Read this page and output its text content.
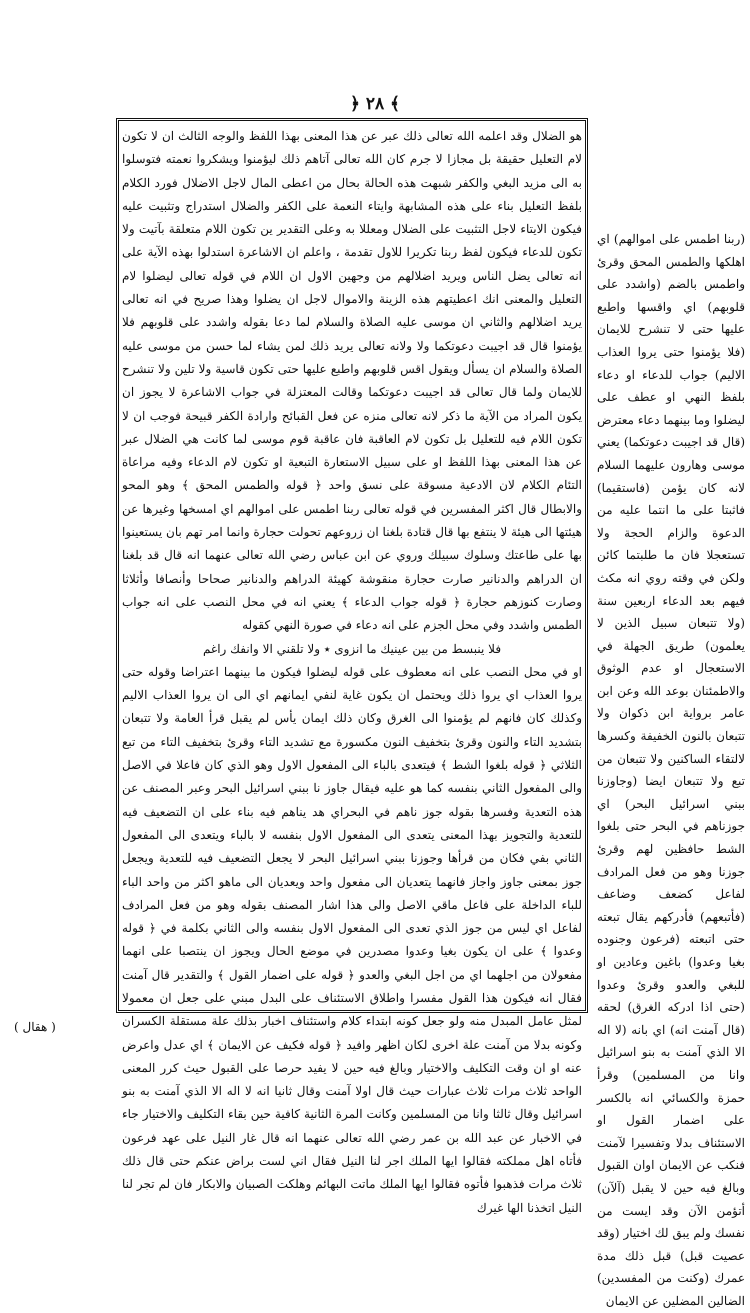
﴿ ٢٨ ﴾

هو الضلال وقد اعلمه الله تعالى ذلك عبر عن هذا المعنى بهذا اللفظ والوجه الثالث ان لا تكون لام التعليل حقيقة بل مجازا لا جرم كان الله تعالى آتاهم ذلك ليؤمنوا ويشكروا نعمته فتوسلوا به الى مزيد البغي والكفر شبهت هذه الحالة بحال من اعطى المال لاجل الاضلال فورد الكلام بلفظ التعليل بناء على هذه المشابهة وايتاء النعمة على الكفر والضلال استدراج وتثبيت عليه فيكون الايتاء لاجل التثبيت على الضلال ومعللا به وعلى التقدير ين تكون اللام متعلقة بآتيت ولا تكون للدعاء فيكون لفظ ربنا تكريرا للاول تقدمة ، واعلم ان الاشاعرة استدلوا بهذه الآية على انه تعالى يضل الناس ويريد اضلالهم من وجهين الاول ان اللام في قوله تعالى ليضلوا لام التعليل والمعنى انك اعطيتهم هذه الزينة والاموال لاجل ان يضلوا وهذا صريح في انه تعالى يريد اضلالهم والثاني ان موسى عليه الصلاة والسلام لما دعا بقوله واشدد على قلوبهم فلا يؤمنوا قال قد اجيبت دعوتكما ولا ولانه تعالى يريد ذلك لمن يشاء لما حسن من موسى عليه الصلاة والسلام ان يسأل ويقول اقس قلوبهم واطبع عليها حتى تكون قاسية ولا تلين ولا تنشرح للايمان ولما قال تعالى قد اجيبت دعوتكما وقالت المعتزلة في جواب الاشاعرة لا يجوز ان يكون المراد من الآية ما ذكر لانه تعالى منزه عن فعل القبائح وارادة الكفر قبيحة فوجب ان لا تكون اللام فيه للتعليل بل تكون لام العاقبة فان عاقبة قوم موسى لما كانت هي الضلال عبر عن هذا المعنى بهذا اللفظ او على سبيل الاستعارة التبعية او تكون لام الدعاء وفيه مراعاة التئام الكلام لان الادعية مسوقة على نسق واحد ﴿ قوله والطمس المحق ﴾ وهو المحو والابطال قال اكثر المفسرين في قوله تعالى ربنا اطمس على اموالهم اي امسخها وغيرها عن هيئتها الى هيئة لا ينتفع بها قال قتادة بلغنا ان زروعهم تحولت حجارة وانما امر تهم بان يستعينوا بها على طاعتك وسلوك سبيلك وروي عن ابن عباس رضي الله تعالى عنهما انه قال قد بلغنا ان الدراهم والدنانير صارت حجارة منقوشة كهيئة الدراهم والدنانير صحاحا وأنصافا وأثلاثا وصارت كنوزهم حجارة ﴿ قوله جواب الدعاء ﴾ يعني انه في محل النصب على انه جواب الطمس واشدد وفي محل الجزم على انه دعاء في صورة النهي كقوله

فلا ينبسط من بين عينيك ما انزوى ٭ ولا تلقني الا وانفك راغم

او في محل النصب على انه معطوف على قوله ليضلوا فيكون ما بينهما اعتراضا وقوله حتى يروا العذاب اي يروا ذلك ويحتمل ان يكون غاية لنفي ايمانهم اي الى ان يروا العذاب الاليم وكذلك كان فانهم لم يؤمنوا الى الغرق وكان ذلك ايمان يأس لم يقبل قرأ العامة ولا تتبعان بتشديد التاء والنون وقرئ بتخفيف النون مكسورة مع تشديد التاء وقرئ بتخفيف التاء من تبع الثلاثي ﴿ قوله بلغوا الشط ﴾ فيتعدى بالباء الى المفعول الاول وهو الذي كان فاعلا في الاصل والى المفعول الثاني بنفسه كما هو عليه فيقال جاوز نا ببني اسرائيل البحر وعبر المصنف عن هذه التعدية وفسرها بقوله جوز ناهم في البحراي هد يناهم فيه بناء على ان التضعيف فيه للتعدية والتجويز بهذا المعنى يتعدى الى المفعول الاول بنفسه لا بالباء ويتعدى الى المفعول الثاني بفي فكان من قرأها وجوزنا ببني اسرائيل البحر لا يجعل التضعيف فيه للتعدية ويجعل جوز بمعنى جاوز واجاز فانهما يتعديان الى مفعول واحد ويعديان الى ماهو اكثر من واحد الباء للباء الداخلة على فاعل ماقي الاصل والى هذا اشار المصنف بقوله وهو من فعل المرادف لفاعل اي ليس من جوز الذي تعدى الى المفعول الاول بنفسه والى الثاني بكلمة في ﴿ قوله وعدوا ﴾ على ان يكون بغيا وعدوا مصدرين في موضع الحال ويجوز ان ينتصبا على انهما مفعولان من اجلهما اي من اجل البغي والعدو ﴿ قوله على اضمار القول ﴾ والتقدير قال آمنت فقال انه فيكون هذا القول مفسرا واطلاق الاستئناف على البدل مبني على جعل ان معمولا لمثل عامل المبدل منه ولو جعل كونه ابتداء كلام واستئناف اخبار بذلك علة مستقلة الكسران وكونه بدلا من آمنت علة اخرى لكان اظهر وافيد ﴿ قوله فكيف عن الايمان ﴾ اي عدل واعرض عنه او ان وقت التكليف والاختيار وبالغ فيه حين لا يفيد حرصا على القبول حيث كرر المعنى الواحد ثلاث مرات ثلاث عبارات حيث قال اولا آمنت وقال ثانيا انه لا اله الا الذي آمنت به بنو اسرائيل وقال ثالثا وانا من المسلمين وكانت المرة الثانية كافية حين بقاء التكليف والاختيار جاء في الاخبار عن عبد الله بن عمر رضي الله تعالى عنهما انه قال غار النيل على عهد فرعون فأتاه اهل مملكته فقالوا ايها الملك اجر لنا النيل فقال اني لست براض عنكم حتى قال ذلك ثلاث مرات فذهبوا فأتوه فقالوا ايها الملك ماتت البهائم وهلكت الصبيان والابكار فان لم تجر لنا النيل اتخذنا الها غيرك

(ربنا اطمس على اموالهم) اي اهلكها والطمس المحق وقرئ واطمس بالضم (واشدد على قلوبهم) اي واقسها واطبع عليها حتى لا تنشرح للايمان (فلا يؤمنوا حتى يروا العذاب الاليم) جواب للدعاء او دعاء بلفظ النهي او عطف على ليضلوا وما بينهما دعاء معترض (قال قد اجيبت دعوتكما) يعني موسى وهارون عليهما السلام لانه كان يؤمن (فاستقيما) فاثبتا على ما انتما عليه من الدعوة والزام الحجة ولا تستعجلا فان ما طلبتما كائن ولكن في وقته روي انه مكث فيهم بعد الدعاء اربعين سنة (ولا تتبعان سبيل الذين لا يعلمون) طريق الجهلة في الاستعجال او عدم الوثوق والاطمئنان بوعد الله وعن ابن عامر برواية ابن ذكوان ولا تتبعان بالنون الخفيفة وكسرها لالتقاء الساكنين ولا تتبعان من تبع ولا تتبعان ايضا (وجاوزنا ببني اسرائيل البحر) اي جوزناهم في البحر حتى بلغوا الشط حافظين لهم وقرئ جوزنا وهو من فعل المرادف لفاعل كضعف وضاعف (فأتبعهم) فأدركهم يقال تبعته حتى اتبعته (فرعون وجنوده بغيا وعدوا) باغين وعادين او للبغي والعدو وقرئ وعدوا (حتى اذا ادركه الغرق) لحقه (قال آمنت انه) اي بانه (لا اله الا الذي آمنت به بنو اسرائيل وانا من المسلمين) وقرأ حمزة والكسائي انه بالكسر على اضمار القول او الاستئناف بدلا وتفسيرا لآمنت فنكب عن الايمان اوان القبول وبالغ فيه حين لا يقبل (آلآن) أتؤمن الآن وقد ايست من نفسك ولم يبق لك اختيار (وقد عصيت قبل) قبل ذلك مدة عمرك (وكنت من المفسدين) الضالين المضلين عن الايمان

( هقال )
